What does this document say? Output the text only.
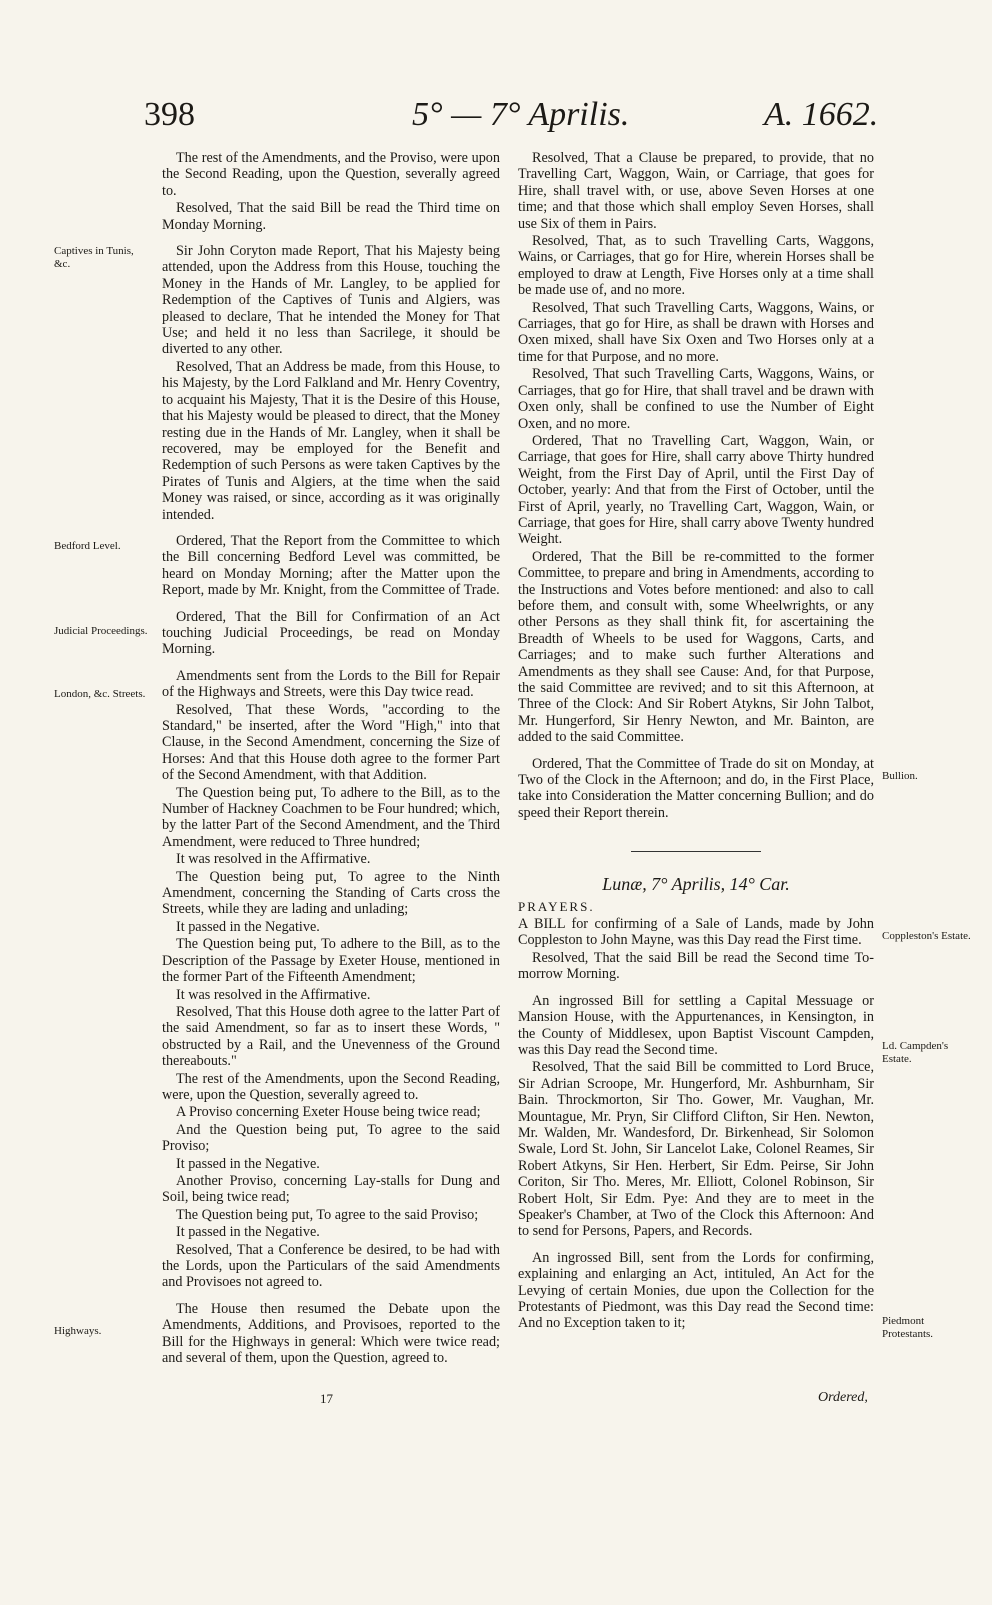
398	5° — 7° Aprilis.	A. 1662.
Captives in Tunis, &c.
Bedford Level.
Judicial Proceedings.
London, &c. Streets.
Highways.
Bullion.
Coppleston's Estate.
Ld. Campden's Estate.
Piedmont Protestants.

The rest of the Amendments, and the Proviso, were upon the Second Reading, upon the Question, severally agreed to.

Resolved, That the said Bill be read the Third time on Monday Morning.

Sir John Coryton made Report, That his Majesty being attended, upon the Address from this House, touching the Money in the Hands of Mr. Langley, to be applied for Redemption of the Captives of Tunis and Algiers, was pleased to declare, That he intended the Money for That Use; and held it no less than Sacrilege, it should be diverted to any other.

Resolved, That an Address be made, from this House, to his Majesty, by the Lord Falkland and Mr. Henry Coventry, to acquaint his Majesty, That it is the Desire of this House, that his Majesty would be pleased to direct, that the Money resting due in the Hands of Mr. Langley, when it shall be recovered, may be employed for the Benefit and Redemption of such Persons as were taken Captives by the Pirates of Tunis and Algiers, at the time when the said Money was raised, or since, according as it was originally intended.

Ordered, That the Report from the Committee to which the Bill concerning Bedford Level was committed, be heard on Monday Morning; after the Matter upon the Report, made by Mr. Knight, from the Committee of Trade.

Ordered, That the Bill for Confirmation of an Act touching Judicial Proceedings, be read on Monday Morning.

Amendments sent from the Lords to the Bill for Repair of the Highways and Streets, were this Day twice read.

Resolved, That these Words, "according to the Standard," be inserted, after the Word "High," into that Clause, in the Second Amendment, concerning the Size of Horses: And that this House doth agree to the former Part of the Second Amendment, with that Addition.

The Question being put, To adhere to the Bill, as to the Number of Hackney Coachmen to be Four hundred; which, by the latter Part of the Second Amendment, and the Third Amendment, were reduced to Three hundred;

It was resolved in the Affirmative.

The Question being put, To agree to the Ninth Amendment, concerning the Standing of Carts cross the Streets, while they are lading and unlading;

It passed in the Negative.

The Question being put, To adhere to the Bill, as to the Description of the Passage by Exeter House, mentioned in the former Part of the Fifteenth Amendment;

It was resolved in the Affirmative.

Resolved, That this House doth agree to the latter Part of the said Amendment, so far as to insert these Words, " obstructed by a Rail, and the Unevenness of the Ground thereabouts."

The rest of the Amendments, upon the Second Reading, were, upon the Question, severally agreed to.

A Proviso concerning Exeter House being twice read;

And the Question being put, To agree to the said Proviso;

It passed in the Negative.

Another Proviso, concerning Lay-stalls for Dung and Soil, being twice read;

The Question being put, To agree to the said Proviso;

It passed in the Negative.

Resolved, That a Conference be desired, to be had with the Lords, upon the Particulars of the said Amendments and Provisoes not agreed to.

The House then resumed the Debate upon the Amendments, Additions, and Provisoes, reported to the Bill for the Highways in general: Which were twice read; and several of them, upon the Question, agreed to.

Resolved, That a Clause be prepared, to provide, that no Travelling Cart, Waggon, Wain, or Carriage, that goes for Hire, shall travel with, or use, above Seven Horses at one time; and that those which shall employ Seven Horses, shall use Six of them in Pairs.

Resolved, That, as to such Travelling Carts, Waggons, Wains, or Carriages, that go for Hire, wherein Horses shall be employed to draw at Length, Five Horses only at a time shall be made use of, and no more.

Resolved, That such Travelling Carts, Waggons, Wains, or Carriages, that go for Hire, as shall be drawn with Horses and Oxen mixed, shall have Six Oxen and Two Horses only at a time for that Purpose, and no more.

Resolved, That such Travelling Carts, Waggons, Wains, or Carriages, that go for Hire, that shall travel and be drawn with Oxen only, shall be confined to use the Number of Eight Oxen, and no more.

Ordered, That no Travelling Cart, Waggon, Wain, or Carriage, that goes for Hire, shall carry above Thirty hundred Weight, from the First Day of April, until the First Day of October, yearly: And that from the First of October, until the First of April, yearly, no Travelling Cart, Waggon, Wain, or Carriage, that goes for Hire, shall carry above Twenty hundred Weight.

Ordered, That the Bill be re-committed to the former Committee, to prepare and bring in Amendments, according to the Instructions and Votes before mentioned: and also to call before them, and consult with, some Wheelwrights, or any other Persons as they shall think fit, for ascertaining the Breadth of Wheels to be used for Waggons, Carts, and Carriages; and to make such further Alterations and Amendments as they shall see Cause: And, for that Purpose, the said Committee are revived; and to sit this Afternoon, at Three of the Clock: And Sir Robert Atykns, Sir John Talbot, Mr. Hungerford, Sir Henry Newton, and Mr. Bainton, are added to the said Committee.

Ordered, That the Committee of Trade do sit on Monday, at Two of the Clock in the Afternoon; and do, in the First Place, take into Consideration the Matter concerning Bullion; and do speed their Report therein.

Lunæ, 7° Aprilis, 14° Car.

PRAYERS.

A BILL for confirming of a Sale of Lands, made by John Coppleston to John Mayne, was this Day read the First time.

Resolved, That the said Bill be read the Second time To-morrow Morning.

An ingrossed Bill for settling a Capital Messuage or Mansion House, with the Appurtenances, in Kensington, in the County of Middlesex, upon Baptist Viscount Campden, was this Day read the Second time.

Resolved, That the said Bill be committed to Lord Bruce, Sir Adrian Scroope, Mr. Hungerford, Mr. Ashburnham, Sir Bain. Throckmorton, Sir Tho. Gower, Mr. Vaughan, Mr. Mountague, Mr. Pryn, Sir Clifford Clifton, Sir Hen. Newton, Mr. Walden, Mr. Wandesford, Dr. Birkenhead, Sir Solomon Swale, Lord St. John, Sir Lancelot Lake, Colonel Reames, Sir Robert Atkyns, Sir Hen. Herbert, Sir Edm. Peirse, Sir John Coriton, Sir Tho. Meres, Mr. Elliott, Colonel Robinson, Sir Robert Holt, Sir Edm. Pye: And they are to meet in the Speaker's Chamber, at Two of the Clock this Afternoon: And to send for Persons, Papers, and Records.

An ingrossed Bill, sent from the Lords for confirming, explaining and enlarging an Act, intituled, An Act for the Levying of certain Monies, due upon the Collection for the Protestants of Piedmont, was this Day read the Second time: And no Exception taken to it;

17	Ordered,
